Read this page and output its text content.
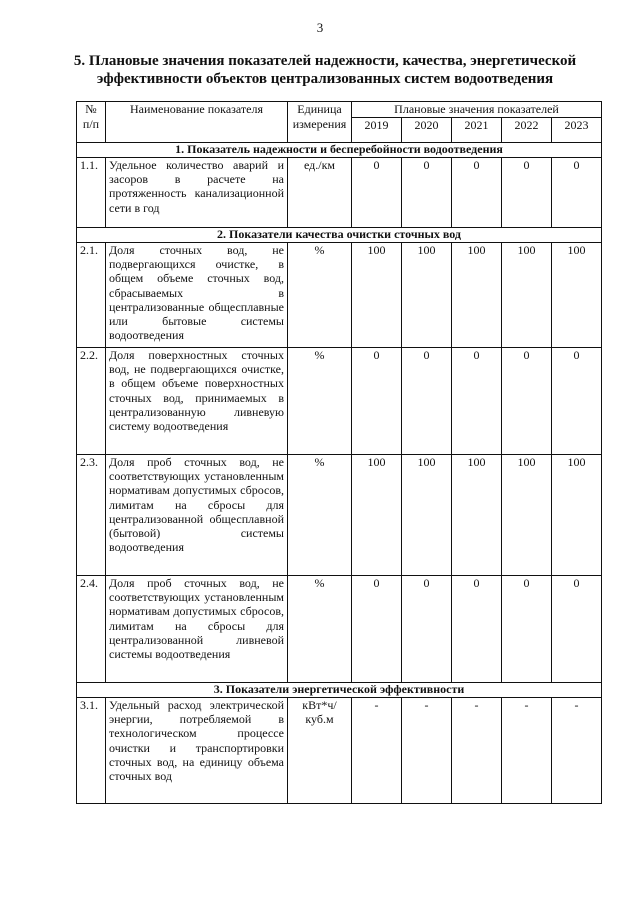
3
5. Плановые значения показателей надежности, качества, энергетической
эффективности объектов централизованных систем водоотведения
№ п/п	Наименование показателя	Единица измерения	Плановые значения показателей				
			2019	2020	2021	2022	2023
1. Показатель надежности и бесперебойности водоотведения							
1.1.	Удельное количество аварий и засоров в расчете на протяженность канализационной сети в год	ед./км	0	0	0	0	0
2. Показатели качества очистки сточных вод							
2.1.	Доля сточных вод, не подвергающихся очистке, в общем объеме сточных вод, сбрасываемых в централизованные общесплавные или бытовые системы водоотведения	%	100	100	100	100	100
2.2.	Доля поверхностных сточных вод, не подвергающихся очистке, в общем объеме поверхностных сточных вод, принимаемых в централизованную ливневую систему водоотведения	%	0	0	0	0	0
2.3.	Доля проб сточных вод, не соответствующих установленным нормативам допустимых сбросов, лимитам на сбросы для централизованной общесплавной (бытовой) системы водоотведения	%	100	100	100	100	100
2.4.	Доля проб сточных вод, не соответствующих установленным нормативам допустимых сбросов, лимитам на сбросы для централизованной ливневой системы водоотведения	%	0	0	0	0	0
3. Показатели энергетической эффективности							
3.1.	Удельный расход электрической энергии, потребляемой в технологическом процессе очистки и транспортировки сточных вод, на единицу объема сточных вод	кВт*ч/ куб.м	-	-	-	-	-
